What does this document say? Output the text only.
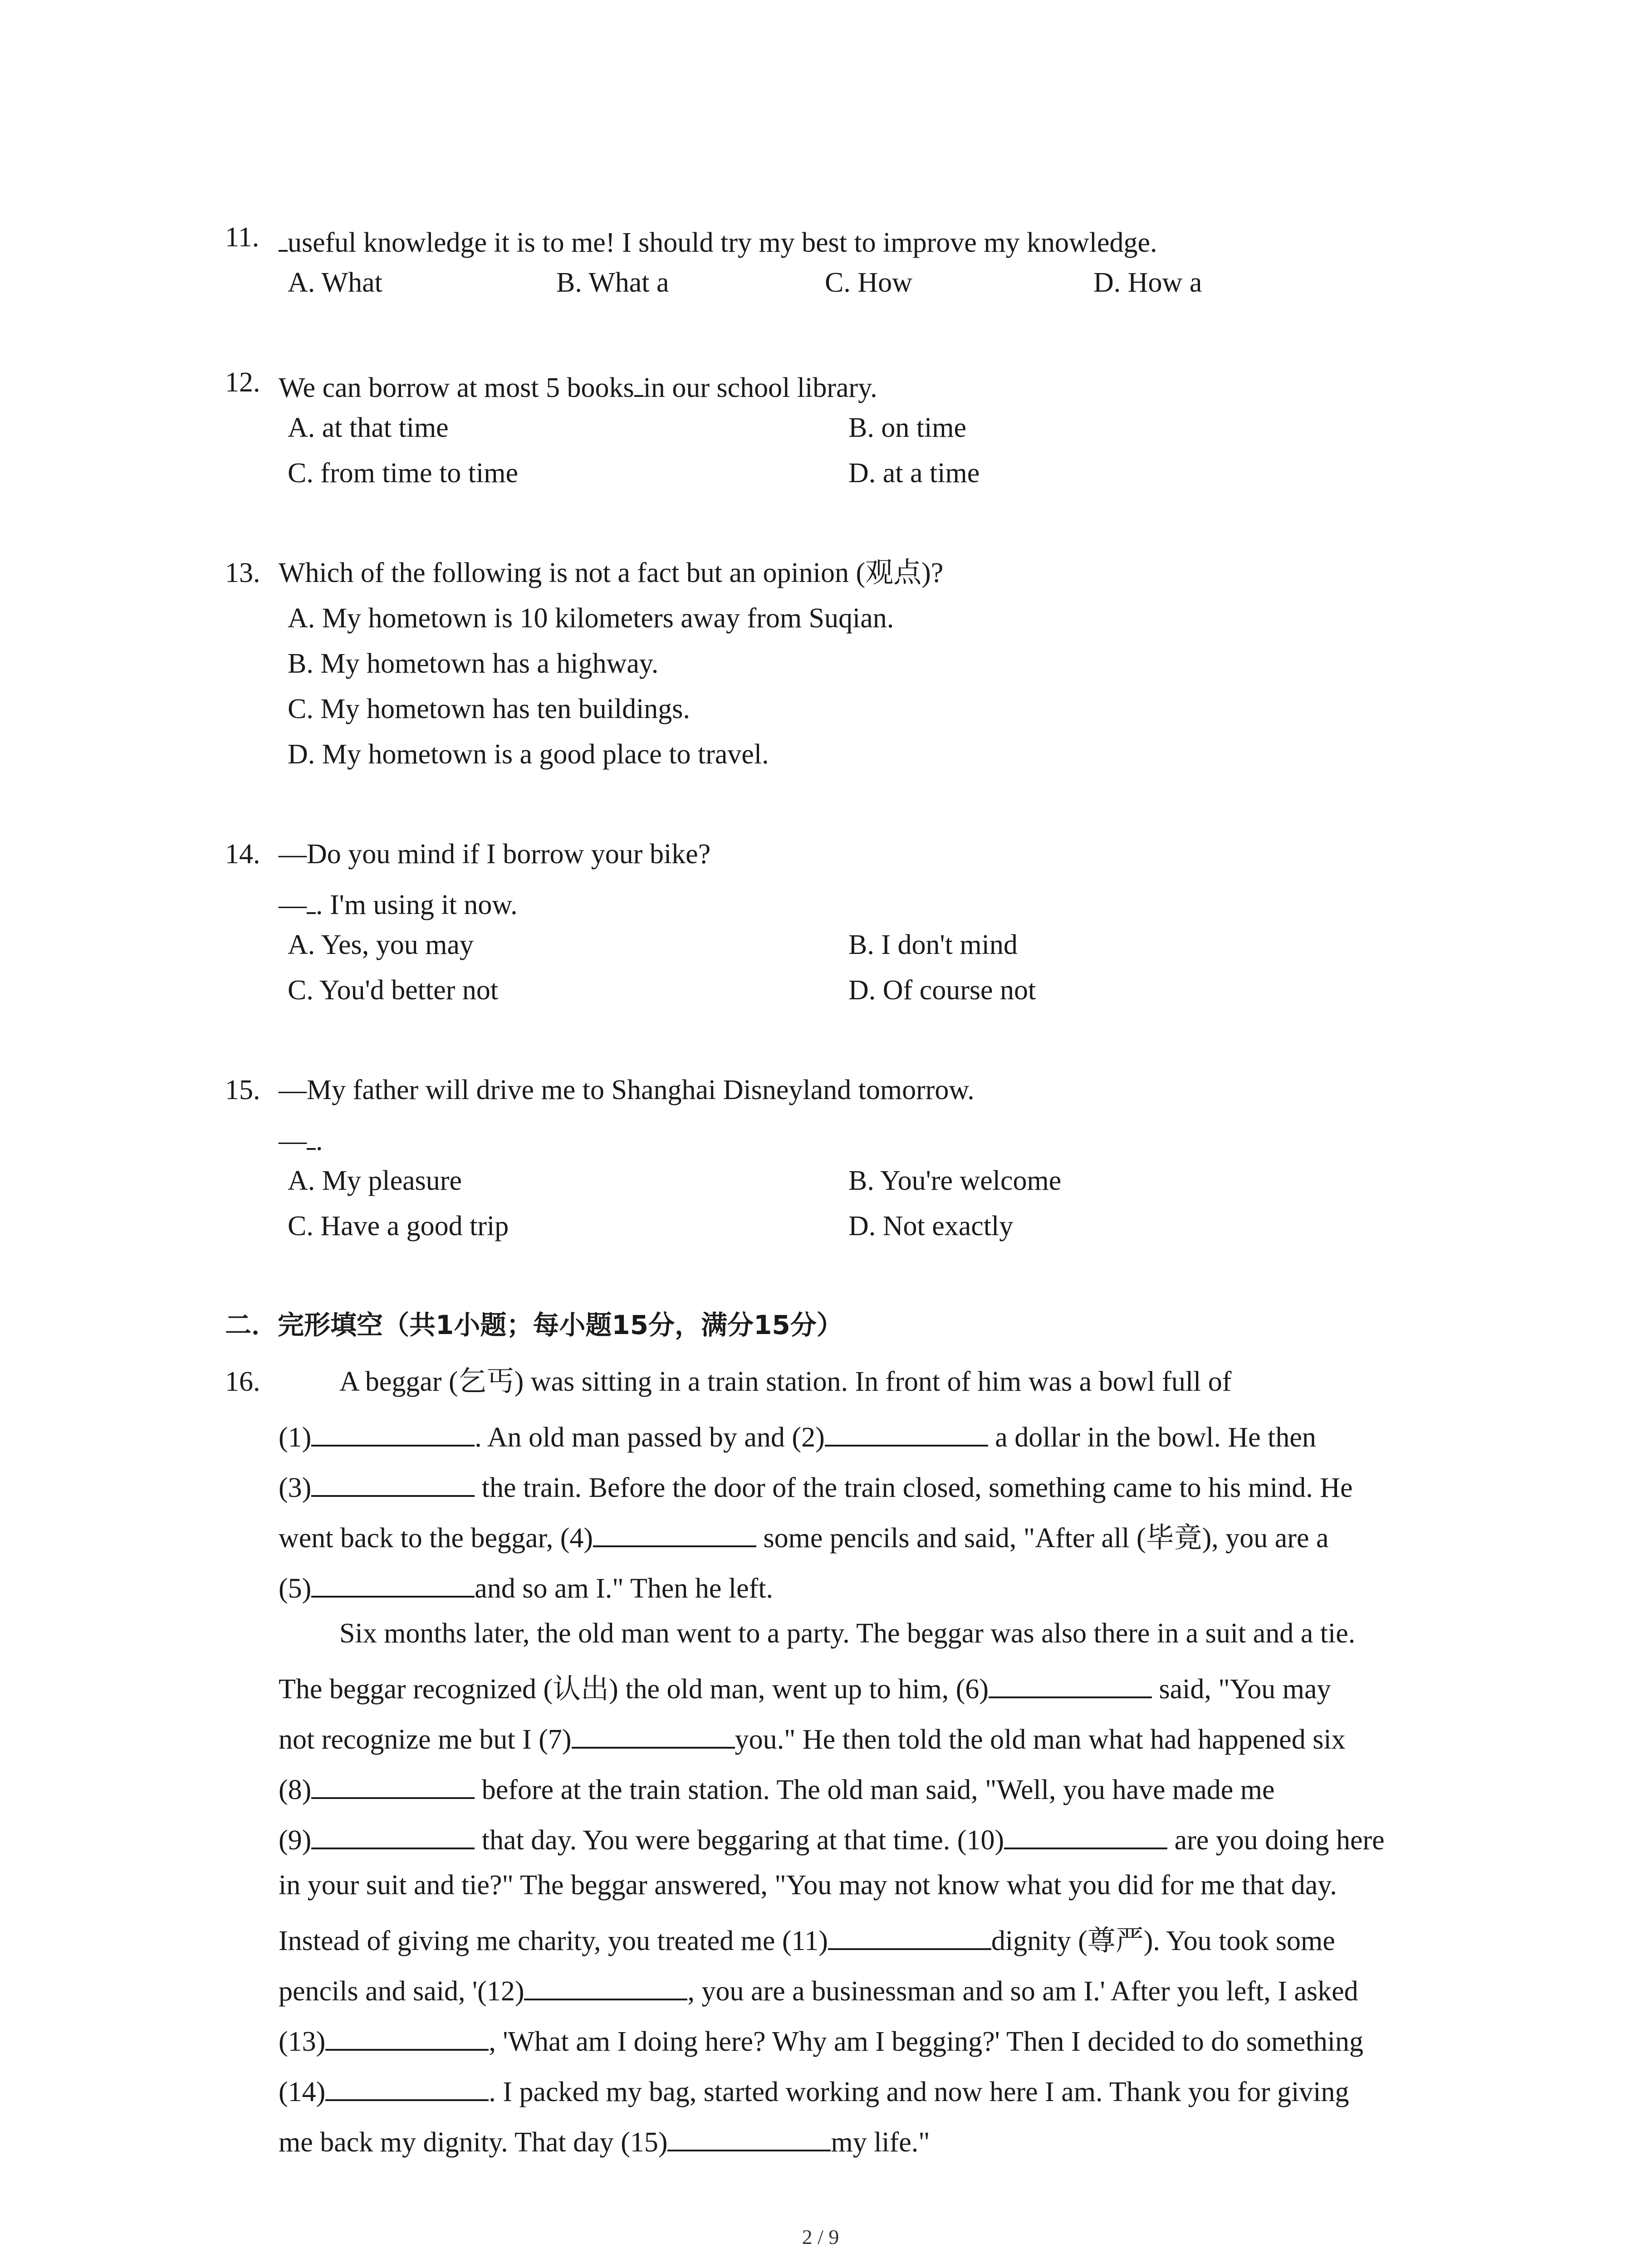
11.	useful knowledge it is to me! I should try my best to improve my knowledge.
A. What	B. What a	C. How	D. How a
12. We can borrow at most 5 books in our school library.
A. at that time	B. on time
C. from time to time	D. at a time
13. Which of the following is not a fact but an opinion (观点)?
A. My hometown is 10 kilometers away from Suqian.
B. My hometown has a highway.
C. My hometown has ten buildings.
D. My hometown is a good place to travel.
14. —Do you mind if I borrow your bike?
— . I'm using it now.
A. Yes, you may	B. I don't mind
C. You'd better not	D. Of course not
15. —My father will drive me to Shanghai Disneyland tomorrow.
— .
A. My pleasure	B. You're welcome
C. Have a good trip	D. Not exactly
二．完形填空（共1小题；每小题15分，满分15分）
16.	A beggar (乞丐) was sitting in a train station. In front of him was a bowl full of
(1)	. An old man passed by and (2)	a dollar in the bowl. He then
(3)	the train. Before the door of the train closed, something came to his mind. He
went back to the beggar, (4)	some pencils and said, "After all (毕竟), you are a
(5)	and so am I." Then he left.
Six months later, the old man went to a party. The beggar was also there in a suit and a tie.
The beggar recognized (认出) the old man, went up to him, (6)	said, "You may
not recognize me but I (7)	you." He then told the old man what had happened six
(8)	before at the train station. The old man said, "Well, you have made me
(9)	that day. You were beggaring at that time. (10)	are you doing here
in your suit and tie?" The beggar answered, "You may not know what you did for me that day.
Instead of giving me charity, you treated me (11)	dignity (尊严). You took some
pencils and said, '(12)	, you are a businessman and so am I.' After you left, I asked
(13)	, 'What am I doing here? Why am I begging?' Then I decided to do something
(14)	. I packed my bag, started working and now here I am. Thank you for giving
me back my dignity. That day (15)	my life."
2 / 9
